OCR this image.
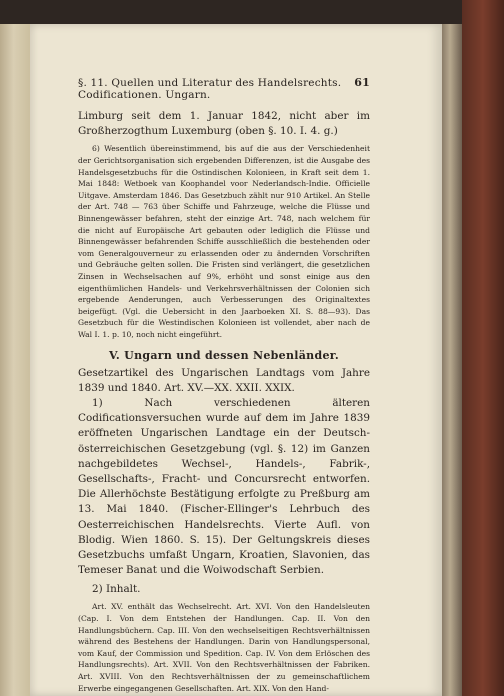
§. 11. Quellen und Literatur des Handelsrechts. Codificationen. Ungarn.
61

Limburg seit dem 1. Januar 1842, nicht aber im Großherzogthum Luxemburg (oben §. 10. I. 4. g.)

6) Wesentlich übereinstimmend, bis auf die aus der Verschiedenheit der Gerichtsorganisation sich ergebenden Differenzen, ist die Ausgabe des Handelsgesetzbuchs für die Ostindischen Kolonieen, in Kraft seit dem 1. Mai 1848: Wetboek van Koophandel voor Nederlandsch-Indie. Officielle Uitgave. Amsterdam 1846. Das Gesetzbuch zählt nur 910 Artikel. An Stelle der Art. 748 — 763 über Schiffe und Fahrzeuge, welche die Flüsse und Binnengewässer befahren, steht der einzige Art. 748, nach welchem für die nicht auf Europäische Art gebauten oder lediglich die Flüsse und Binnengewässer befahrenden Schiffe ausschließlich die bestehenden oder vom Generalgouverneur zu erlassenden oder zu ändernden Vorschriften und Gebräuche gelten sollen. Die Fristen sind verlängert, die gesetzlichen Zinsen in Wechselsachen auf 9%, erhöht und sonst einige aus den eigenthümlichen Handels- und Verkehrsverhältnissen der Colonien sich ergebende Aenderungen, auch Verbesserungen des Originaltextes beigefügt. (Vgl. die Uebersicht in den Jaarboeken XI. S. 88—93). Das Gesetzbuch für die Westindischen Kolonieen ist vollendet, aber nach de Wal I. 1. p. 10, noch nicht eingeführt.

V. Ungarn und dessen Nebenländer.

Gesetzartikel des Ungarischen Landtags vom Jahre 1839 und 1840. Art. XV.—XX. XXII. XXIX.

1) Nach verschiedenen älteren Codificationsversuchen wurde auf dem im Jahre 1839 eröffneten Ungarischen Landtage ein der Deutsch-österreichischen Gesetzgebung (vgl. §. 12) im Ganzen nachgebildetes Wechsel-, Handels-, Fabrik-, Gesellschafts-, Fracht- und Concursrecht entworfen. Die Allerhöchste Bestätigung erfolgte zu Preßburg am 13. Mai 1840. (Fischer-Ellinger's Lehrbuch des Oesterreichischen Handelsrechts. Vierte Aufl. von Blodig. Wien 1860. S. 15). Der Geltungskreis dieses Gesetzbuchs umfaßt Ungarn, Kroatien, Slavonien, das Temeser Banat und die Woiwodschaft Serbien.

2) Inhalt.

Art. XV. enthält das Wechselrecht. Art. XVI. Von den Handelsleuten (Cap. I. Von dem Entstehen der Handlungen. Cap. II. Von den Handlungsbüchern. Cap. III. Von den wechselseitigen Rechtsverhältnissen während des Bestehens der Handlungen. Darin von Handlungspersonal, vom Kauf, der Commission und Spedition. Cap. IV. Von dem Erlöschen des Handlungsrechts). Art. XVII. Von den Rechtsverhältnissen der Fabriken. Art. XVIII. Von den Rechtsverhältnissen der zu gemeinschaftlichem Erwerbe eingegangenen Gesellschaften. Art. XIX. Von den Hand-
